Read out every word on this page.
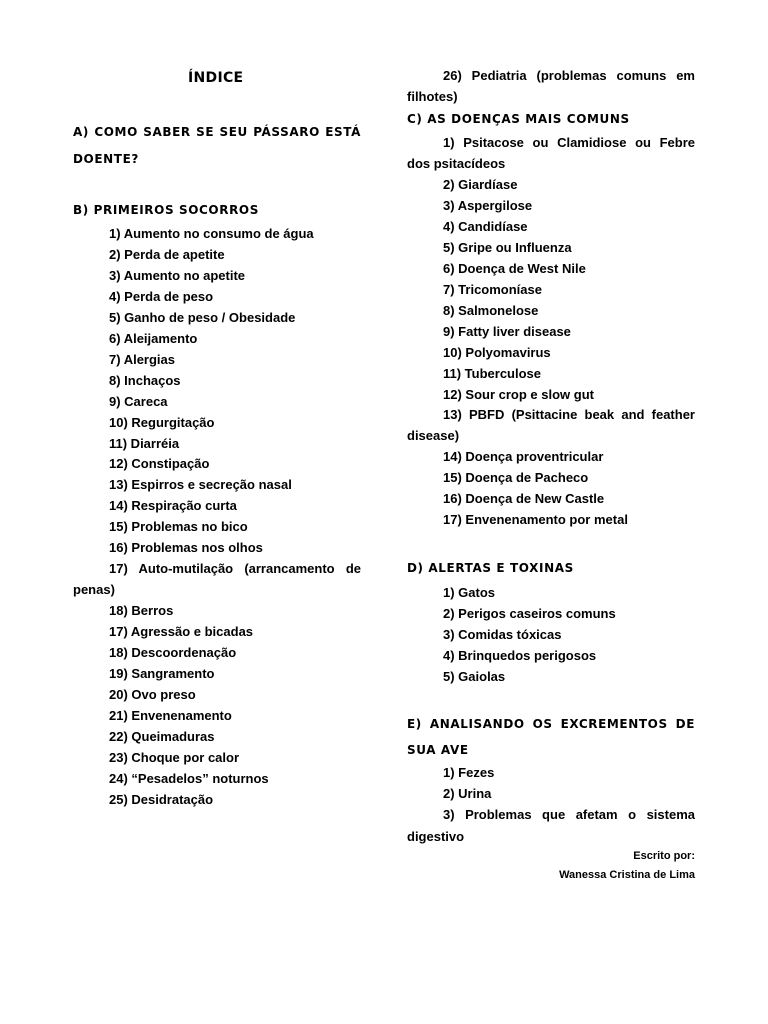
ÍNDICE
A) COMO SABER SE SEU PÁSSARO ESTÁ
DOENTE?
B) PRIMEIROS SOCORROS
1) Aumento no consumo de água
2) Perda de apetite
3) Aumento no apetite
4) Perda de peso
5) Ganho de peso / Obesidade
6) Aleijamento
7) Alergias
8) Inchaços
9) Careca
10) Regurgitação
11) Diarréia
12) Constipação
13) Espirros e secreção nasal
14) Respiração curta
15) Problemas no bico
16) Problemas nos olhos
17) Auto-mutilação (arrancamento de
penas)
18) Berros
17) Agressão e bicadas
18) Descoordenação
19) Sangramento
20) Ovo preso
21) Envenenamento
22) Queimaduras
23) Choque por calor
24) “Pesadelos” noturnos
25) Desidratação
26) Pediatria (problemas comuns em
filhotes)
C) AS DOENÇAS MAIS COMUNS
1) Psitacose ou Clamidiose ou Febre
dos psitacídeos
2) Giardíase
3) Aspergilose
4) Candidíase
5) Gripe ou Influenza
6) Doença de West Nile
7) Tricomoníase
8) Salmonelose
9) Fatty liver disease
10) Polyomavirus
11) Tuberculose
12) Sour crop e slow gut
13) PBFD (Psittacine beak and feather
disease)
14) Doença proventricular
15) Doença de Pacheco
16) Doença de New Castle
17) Envenenamento por metal
D) ALERTAS E TOXINAS
1) Gatos
2) Perigos caseiros comuns
3) Comidas tóxicas
4) Brinquedos perigosos
5) Gaiolas
E) ANALISANDO OS EXCREMENTOS DE
SUA AVE
1) Fezes
2) Urina
3) Problemas que afetam o sistema
digestivo
Escrito por:
Wanessa Cristina de Lima
